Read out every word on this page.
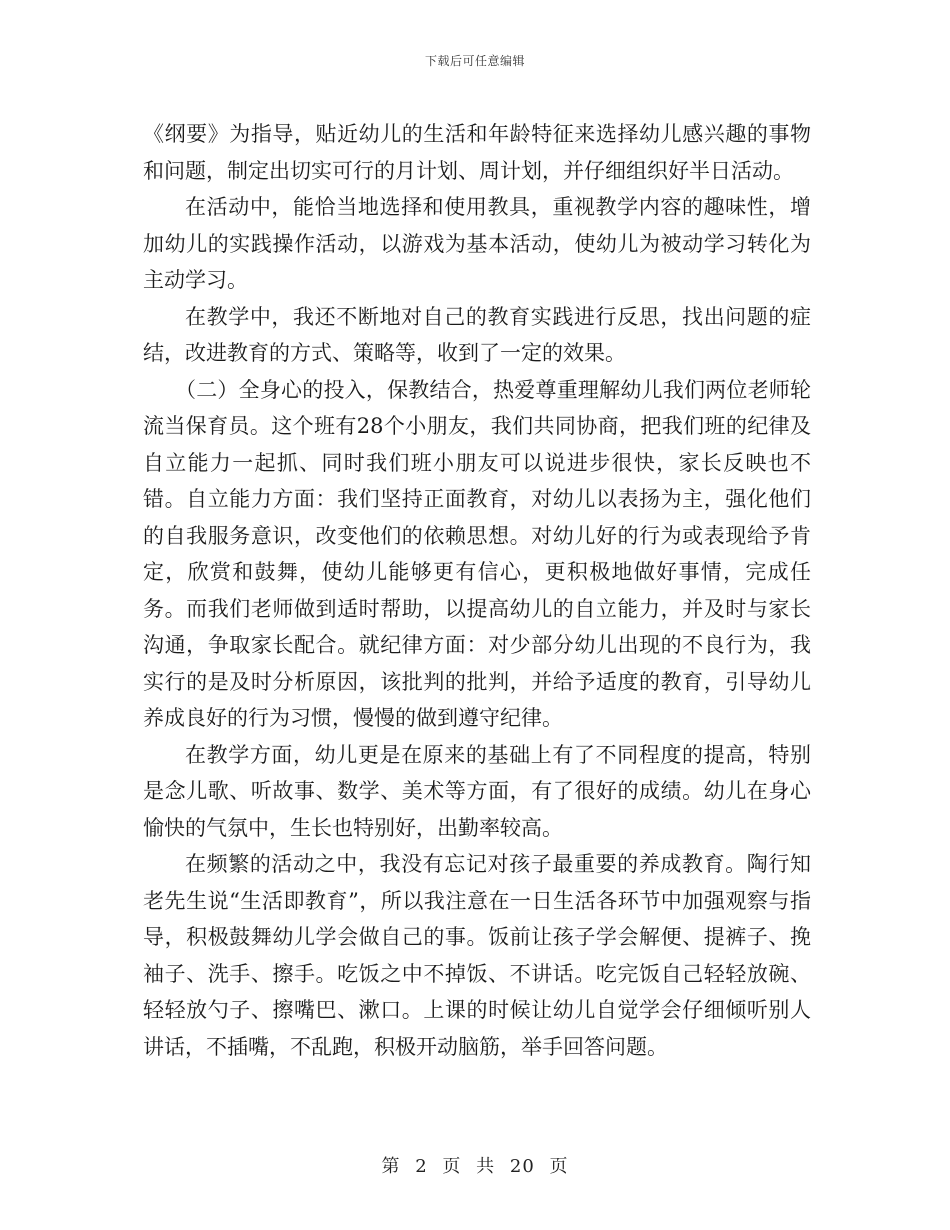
下载后可任意编辑

《纲要》为指导，贴近幼儿的生活和年龄特征来选择幼儿感兴趣的事物和问题，制定出切实可行的月计划、周计划，并仔细组织好半日活动。

在活动中，能恰当地选择和使用教具，重视教学内容的趣味性，增加幼儿的实践操作活动，以游戏为基本活动，使幼儿为被动学习转化为主动学习。

在教学中，我还不断地对自己的教育实践进行反思，找出问题的症结，改进教育的方式、策略等，收到了一定的效果。

（二）全身心的投入，保教结合，热爱尊重理解幼儿我们两位老师轮流当保育员。这个班有28个小朋友，我们共同协商，把我们班的纪律及自立能力一起抓、同时我们班小朋友可以说进步很快，家长反映也不错。自立能力方面：我们坚持正面教育，对幼儿以表扬为主，强化他们的自我服务意识，改变他们的依赖思想。对幼儿好的行为或表现给予肯定，欣赏和鼓舞，使幼儿能够更有信心，更积极地做好事情，完成任务。而我们老师做到适时帮助，以提高幼儿的自立能力，并及时与家长沟通，争取家长配合。就纪律方面：对少部分幼儿出现的不良行为，我实行的是及时分析原因，该批判的批判，并给予适度的教育，引导幼儿养成良好的行为习惯，慢慢的做到遵守纪律。

在教学方面，幼儿更是在原来的基础上有了不同程度的提高，特别是念儿歌、听故事、数学、美术等方面，有了很好的成绩。幼儿在身心愉快的气氛中，生长也特别好，出勤率较高。

在频繁的活动之中，我没有忘记对孩子最重要的养成教育。陶行知老先生说“生活即教育”，所以我注意在一日生活各环节中加强观察与指导，积极鼓舞幼儿学会做自己的事。饭前让孩子学会解便、提裤子、挽袖子、洗手、擦手。吃饭之中不掉饭、不讲话。吃完饭自己轻轻放碗、轻轻放勺子、擦嘴巴、漱口。上课的时候让幼儿自觉学会仔细倾听别人讲话，不插嘴，不乱跑，积极开动脑筋，举手回答问题。

第 2 页 共 20 页
